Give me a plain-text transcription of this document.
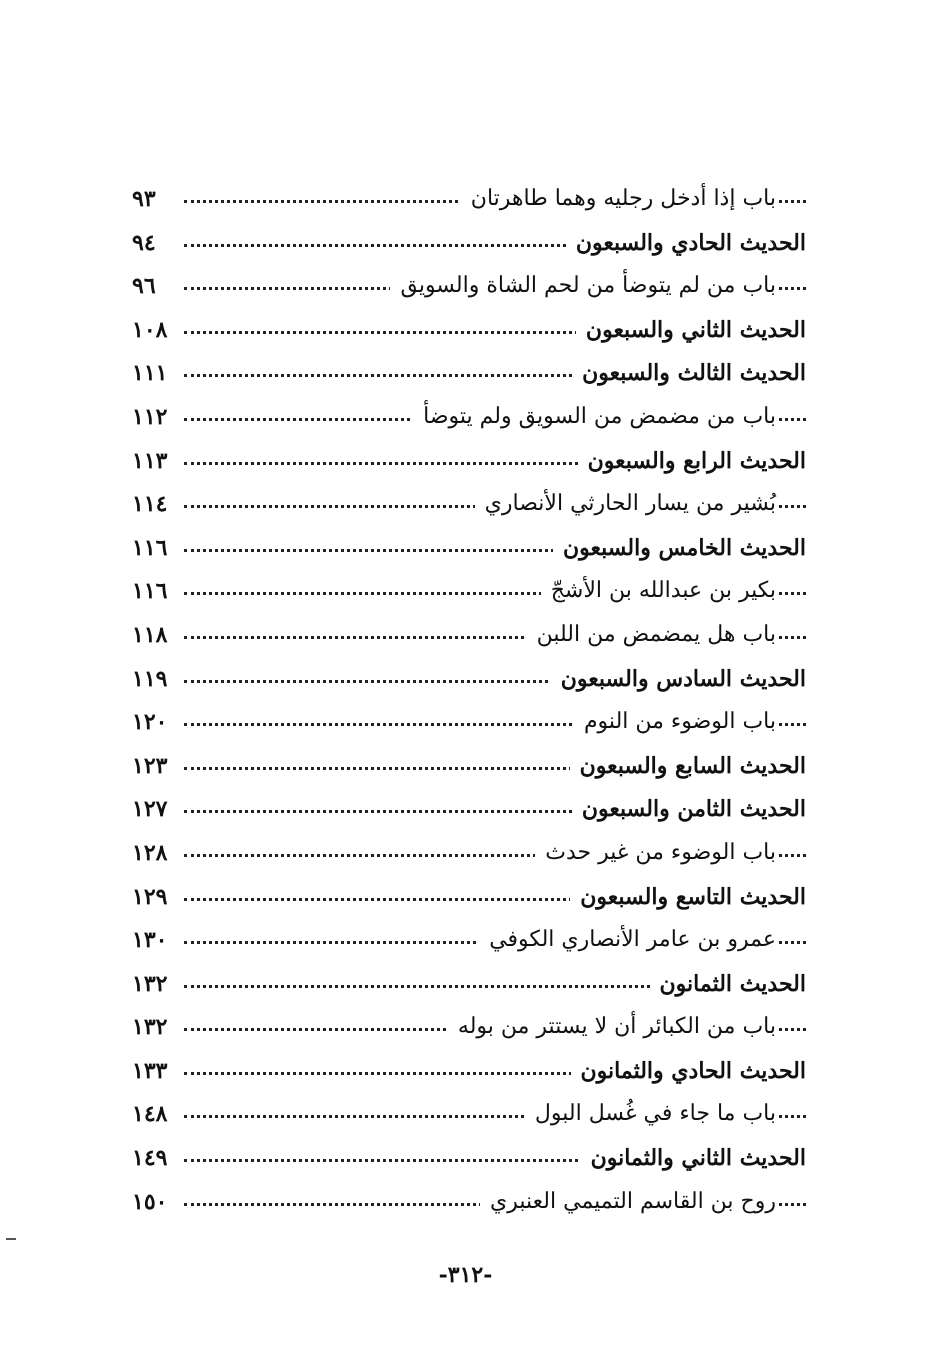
باب إذا أدخل رجليه وهما طاهرتان
٩٣
الحديث الحادي والسبعون
٩٤
باب من لم يتوضأ من لحم الشاة والسويق
٩٦
الحديث الثاني والسبعون
١٠٨
الحديث الثالث والسبعون
١١١
باب من مضمض من السويق ولم يتوضأ
١١٢
الحديث الرابع والسبعون
١١٣
بُشير من يسار الحارثي الأنصاري
١١٤
الحديث الخامس والسبعون
١١٦
بكير بن عبدالله بن الأشجّ
١١٦
باب هل يمضمض من اللبن
١١٨
الحديث السادس والسبعون
١١٩
باب الوضوء من النوم
١٢٠
الحديث السابع والسبعون
١٢٣
الحديث الثامن والسبعون
١٢٧
باب الوضوء من غير حدث
١٢٨
الحديث التاسع والسبعون
١٢٩
عمرو بن عامر الأنصاري الكوفي
١٣٠
الحديث الثمانون
١٣٢
باب من الكبائر أن لا يستتر من بوله
١٣٢
الحديث الحادي والثمانون
١٣٣
باب ما جاء في غُسل البول
١٤٨
الحديث الثاني والثمانون
١٤٩
روح بن القاسم التميمي العنبري
١٥٠
-٣١٢-
